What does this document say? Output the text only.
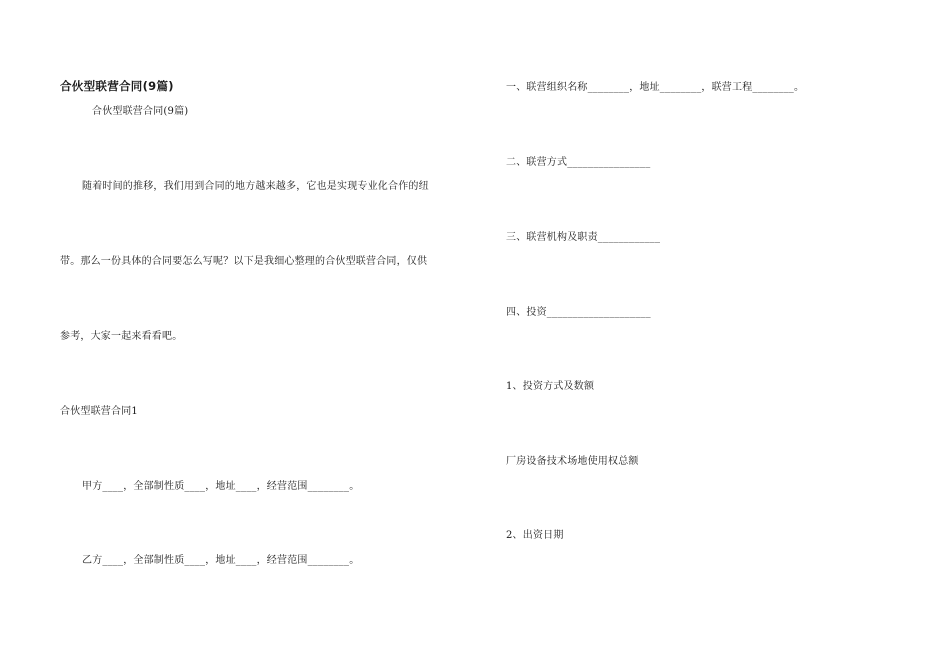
合伙型联营合同(9篇)
合伙型联营合同(9篇)
随着时间的推移，我们用到合同的地方越来越多，它也是实现专业化合作的纽
带。那么一份具体的合同要怎么写呢？以下是我细心整理的合伙型联营合同，仅供
参考，大家一起来看看吧。
合伙型联营合同1
甲方____，全部制性质____，地址____，经营范围________。
乙方____，全部制性质____，地址____，经营范围________。
一、联营组织名称________，地址________，联营工程________。
二、联营方式________________
三、联营机构及职责____________
四、投资____________________
1、投资方式及数额
厂房设备技术场地使用权总额
2、出资日期
